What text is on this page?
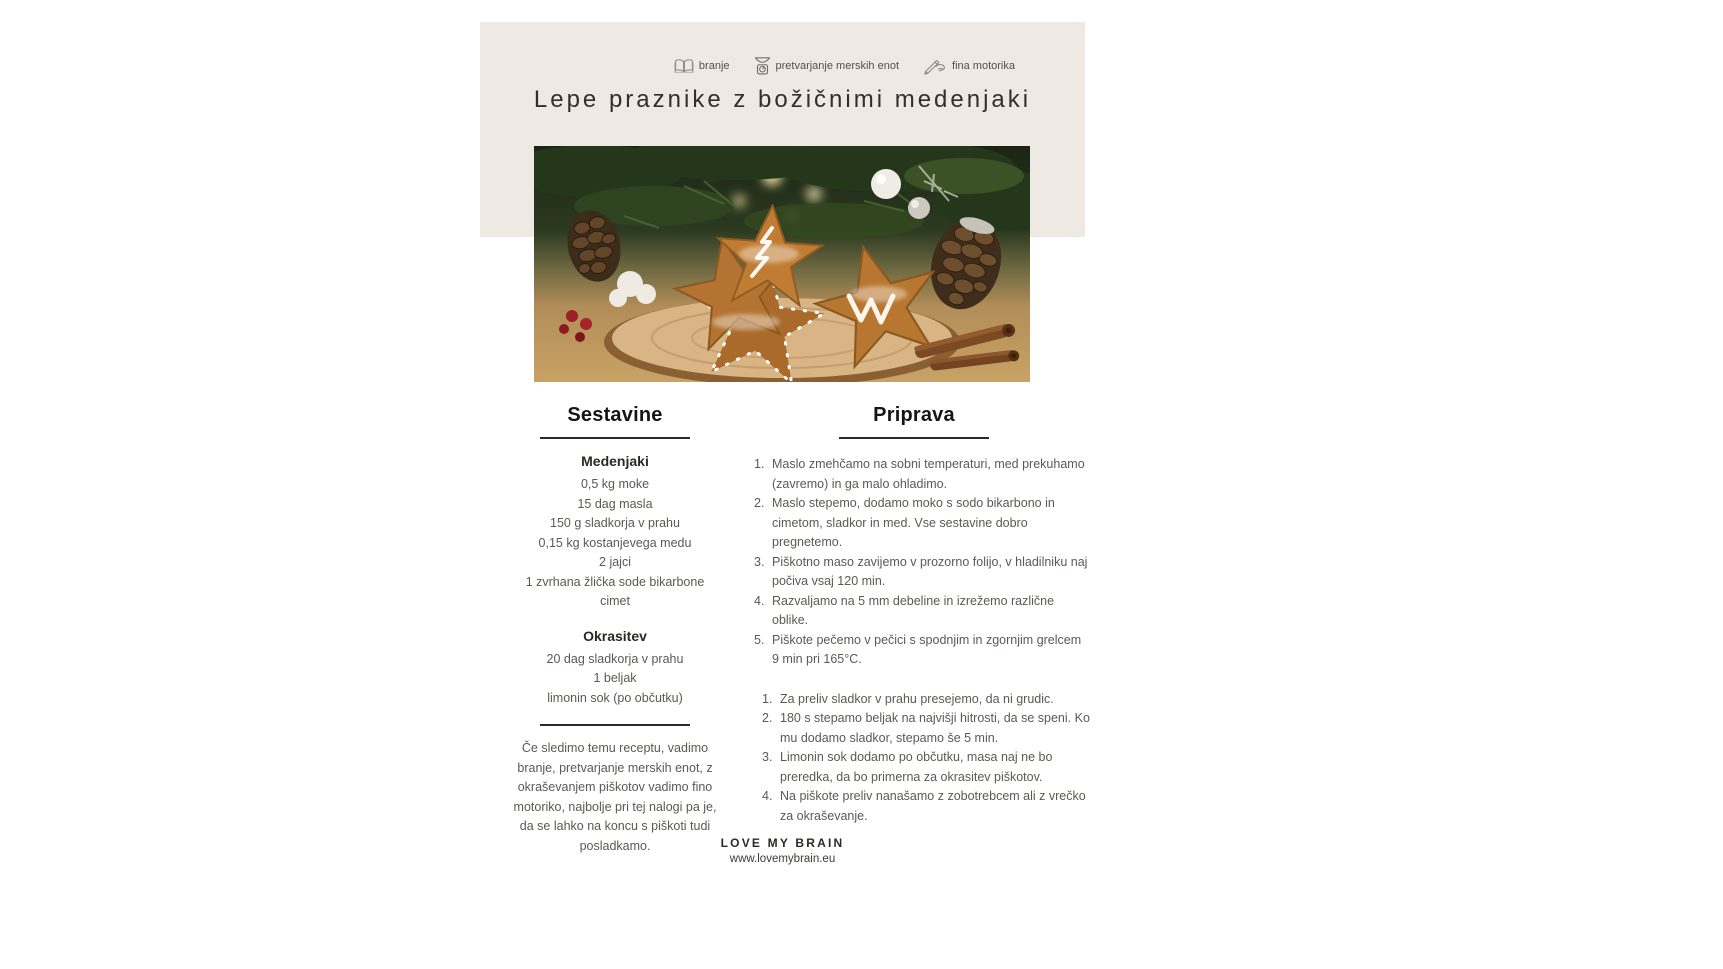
branje	pretvarjanje merskih enot	fina motorika
Lepe praznike z božičnimi medenjaki
Sestavine
Medenjaki

0,5 kg moke

15 dag masla

150 g sladkorja v prahu

0,15 kg kostanjevega medu

2 jajci

1 zvrhana žlička sode bikarbone

cimet

Okrasitev

20 dag sladkorja v prahu

1 beljak

limonin sok (po občutku)

Če sledimo temu receptu, vadimo branje, pretvarjanje merskih enot, z okraševanjem piškotov vadimo fino motoriko, najbolje pri tej nalogi pa je, da se lahko na koncu s piškoti tudi posladkamo.

Priprava
Maslo zmehčamo na sobni temperaturi, med prekuhamo (zavremo) in ga malo ohladimo.
Maslo stepemo, dodamo moko s sodo bikarbono in cimetom, sladkor in med. Vse sestavine dobro pregnetemo.
Piškotno maso zavijemo v prozorno folijo, v hladilniku naj počiva vsaj 120 min.
Razvaljamo na 5 mm debeline in izrežemo različne oblike.
Piškote pečemo v pečici s spodnjim in zgornjim grelcem 9 min pri 165°C.
Za preliv sladkor v prahu presejemo, da ni grudic.
180 s stepamo beljak na najvišji hitrosti, da se speni. Ko mu dodamo sladkor, stepamo še 5 min.
Limonin sok dodamo po občutku, masa naj ne bo preredka, da bo primerna za okrasitev piškotov.
Na piškote preliv nanašamo z zobotrebcem ali z vrečko za okraševanje.
LOVE MY BRAIN
www.lovemybrain.eu
